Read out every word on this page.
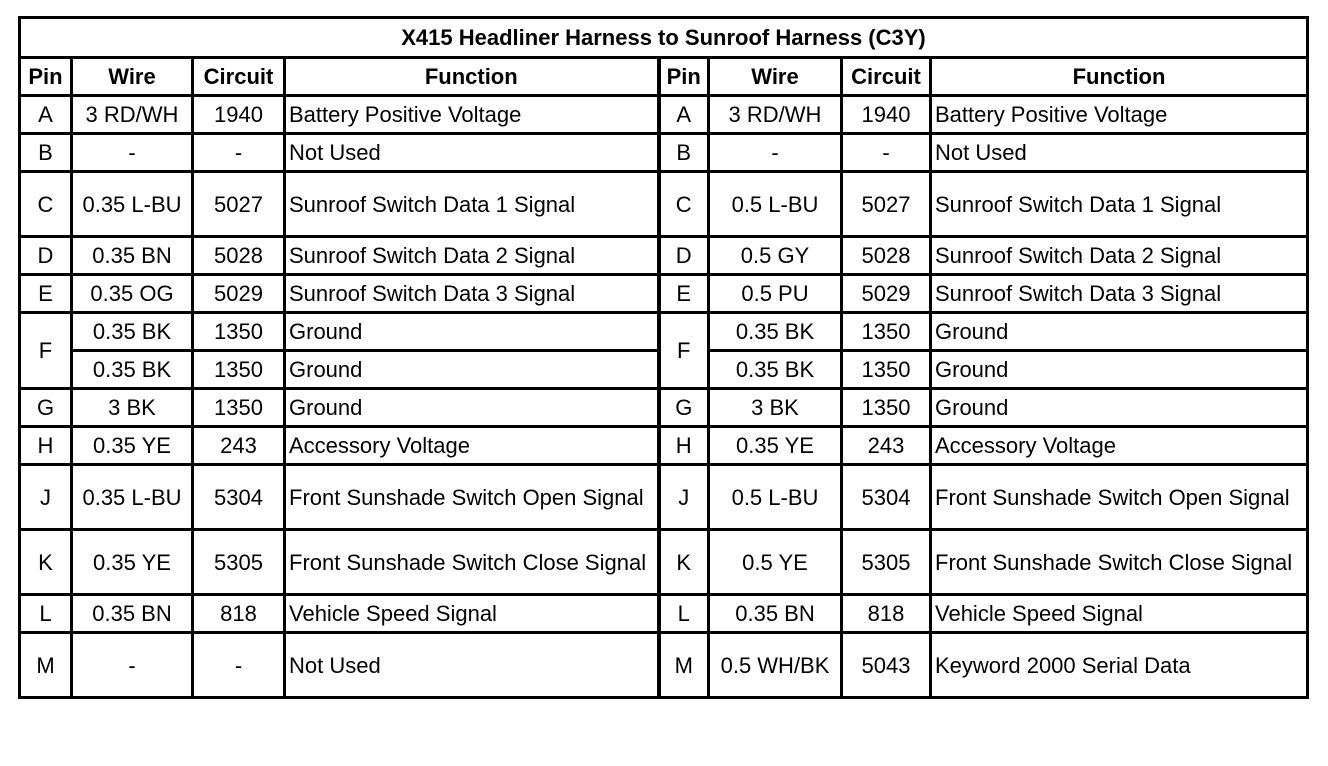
X415 Headliner Harness to Sunroof Harness (C3Y)							
Pin	Wire	Circuit	Function	Pin	Wire	Circuit	Function
A	3 RD/WH	1940	Battery Positive Voltage	A	3 RD/WH	1940	Battery Positive Voltage
B	-	-	Not Used	B	-	-	Not Used
C	0.35 L-BU	5027	Sunroof Switch Data 1 Signal	C	0.5 L-BU	5027	Sunroof Switch Data 1 Signal
D	0.35 BN	5028	Sunroof Switch Data 2 Signal	D	0.5 GY	5028	Sunroof Switch Data 2 Signal
E	0.35 OG	5029	Sunroof Switch Data 3 Signal	E	0.5 PU	5029	Sunroof Switch Data 3 Signal
F	0.35 BK	1350	Ground	F	0.35 BK	1350	Ground
	0.35 BK	1350	Ground		0.35 BK	1350	Ground
G	3 BK	1350	Ground	G	3 BK	1350	Ground
H	0.35 YE	243	Accessory Voltage	H	0.35 YE	243	Accessory Voltage
J	0.35 L-BU	5304	Front Sunshade Switch Open Signal	J	0.5 L-BU	5304	Front Sunshade Switch Open Signal
K	0.35 YE	5305	Front Sunshade Switch Close Signal	K	0.5 YE	5305	Front Sunshade Switch Close Signal
L	0.35 BN	818	Vehicle Speed Signal	L	0.35 BN	818	Vehicle Speed Signal
M	-	-	Not Used	M	0.5 WH/BK	5043	Keyword 2000 Serial Data
